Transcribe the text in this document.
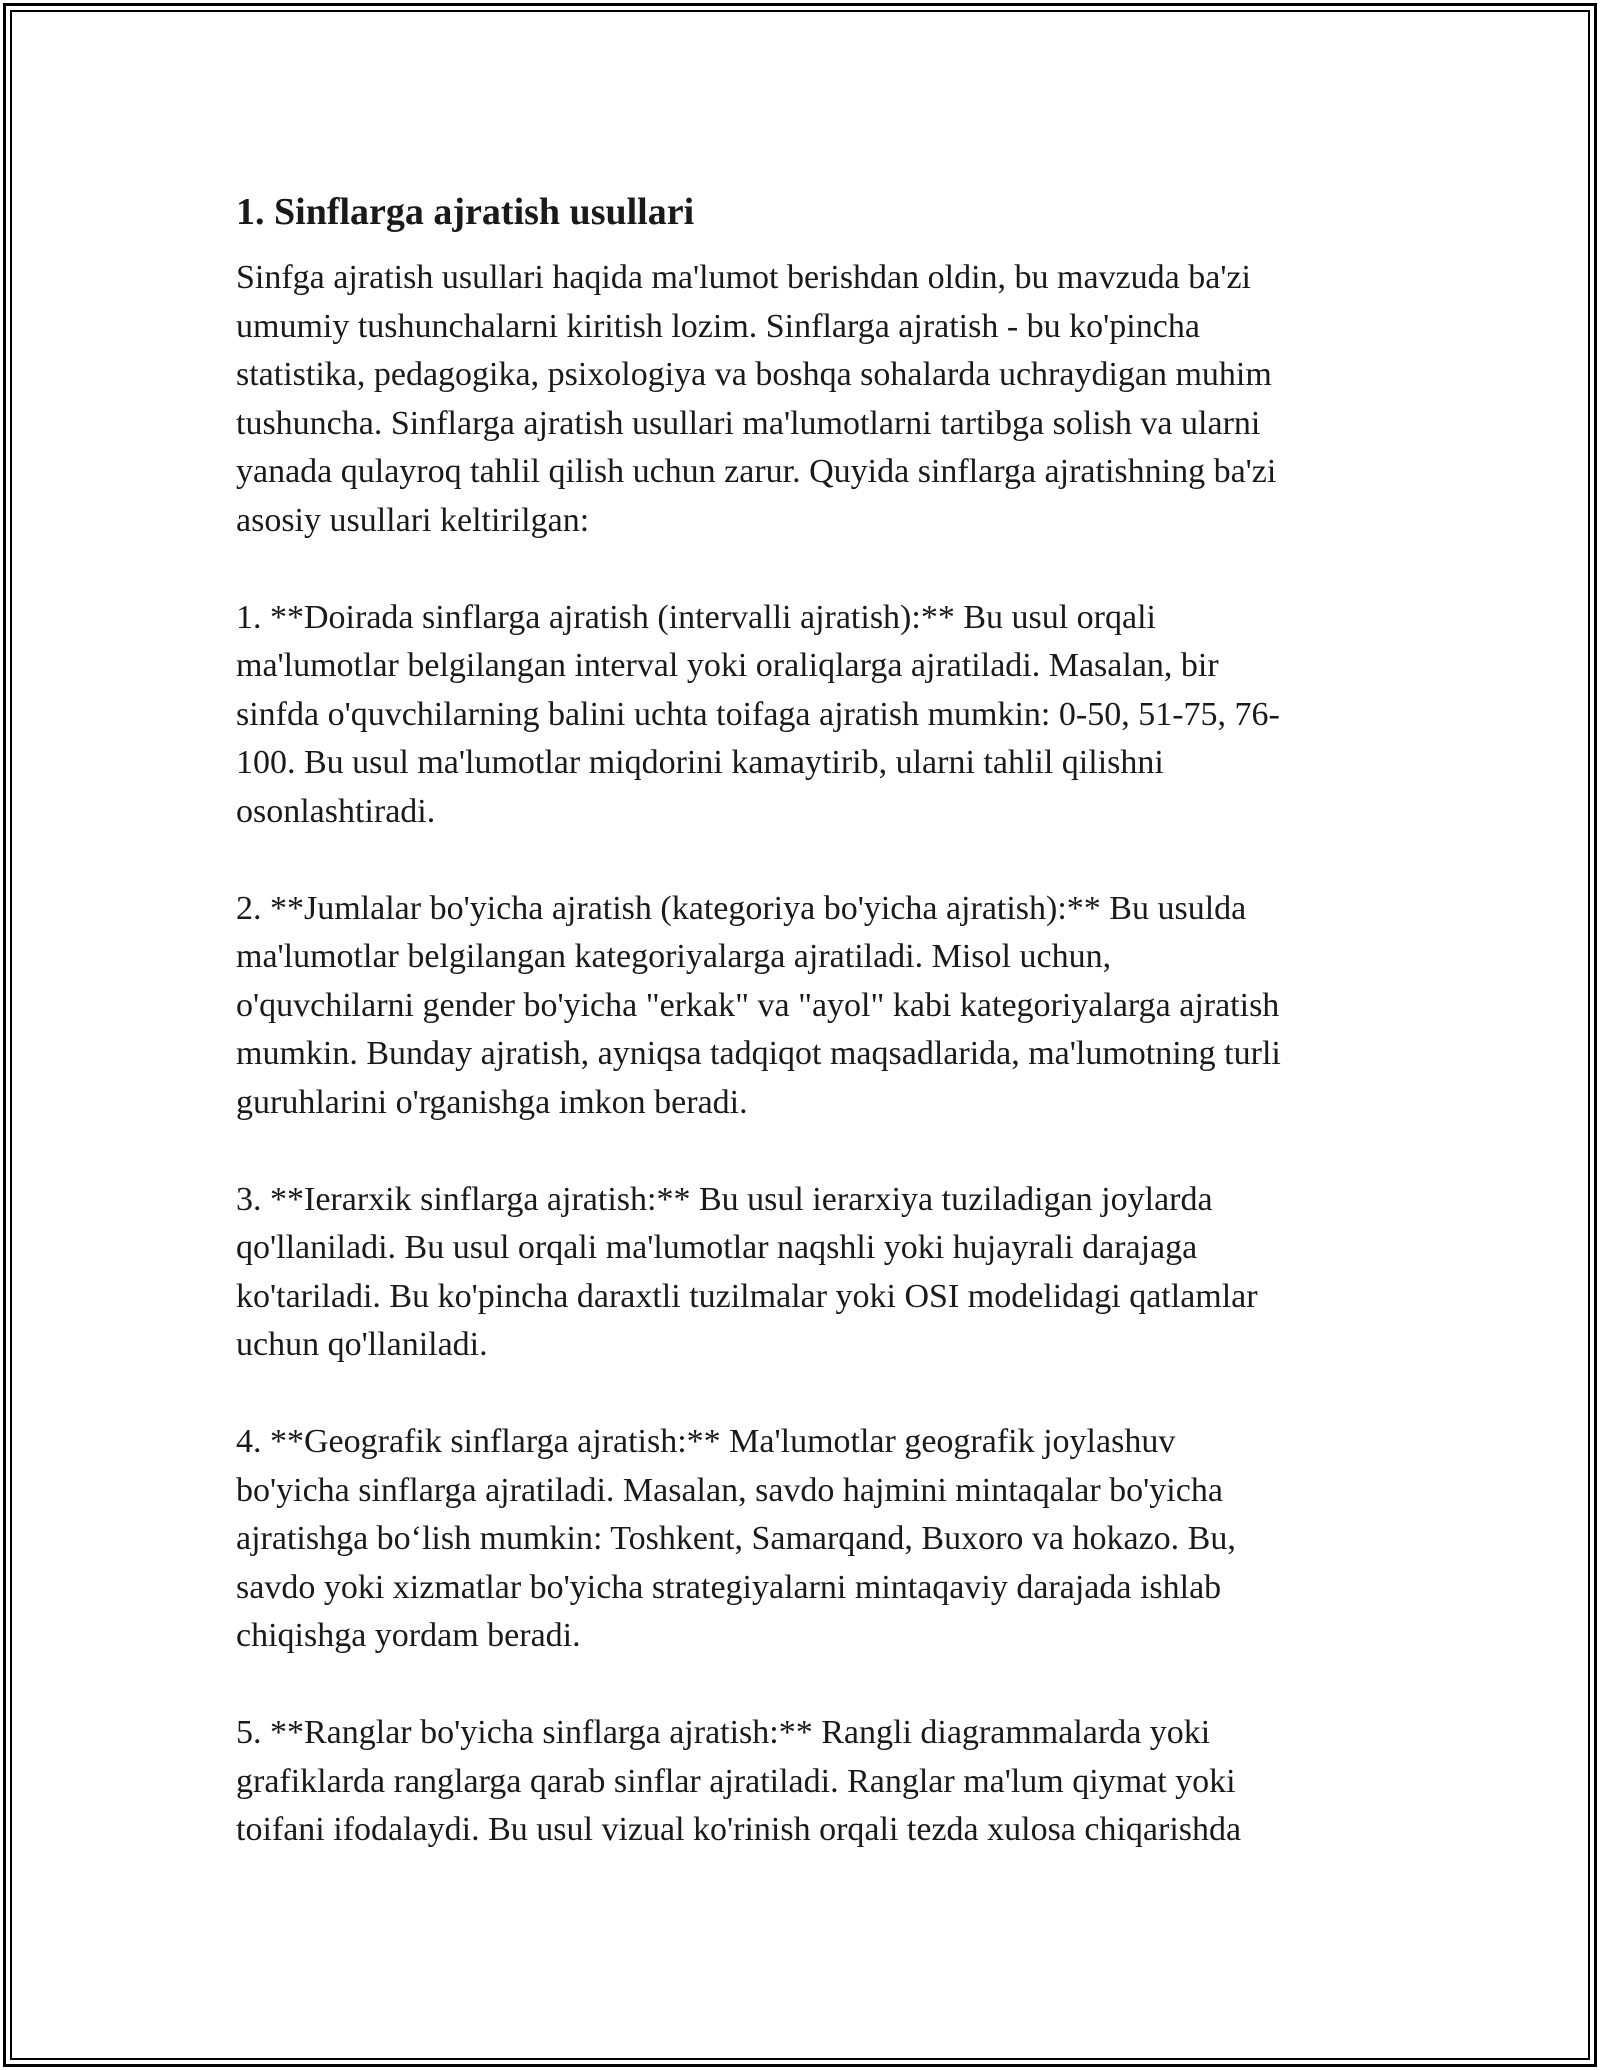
1. Sinflarga ajratish usullari

Sinfga ajratish usullari haqida ma'lumot berishdan oldin, bu mavzuda ba'zi
umumiy tushunchalarni kiritish lozim. Sinflarga ajratish - bu ko'pincha
statistika, pedagogika, psixologiya va boshqa sohalarda uchraydigan muhim
tushuncha. Sinflarga ajratish usullari ma'lumotlarni tartibga solish va ularni
yanada qulayroq tahlil qilish uchun zarur. Quyida sinflarga ajratishning ba'zi
asosiy usullari keltirilgan:

1. **Doirada sinflarga ajratish (intervalli ajratish):** Bu usul orqali
ma'lumotlar belgilangan interval yoki oraliqlarga ajratiladi. Masalan, bir
sinfda o'quvchilarning balini uchta toifaga ajratish mumkin: 0-50, 51-75, 76-
100. Bu usul ma'lumotlar miqdorini kamaytirib, ularni tahlil qilishni
osonlashtiradi.

2. **Jumlalar bo'yicha ajratish (kategoriya bo'yicha ajratish):** Bu usulda
ma'lumotlar belgilangan kategoriyalarga ajratiladi. Misol uchun,
o'quvchilarni gender bo'yicha "erkak" va "ayol" kabi kategoriyalarga ajratish
mumkin. Bunday ajratish, ayniqsa tadqiqot maqsadlarida, ma'lumotning turli
guruhlarini o'rganishga imkon beradi.

3. **Ierarxik sinflarga ajratish:** Bu usul ierarxiya tuziladigan joylarda
qo'llaniladi. Bu usul orqali ma'lumotlar naqshli yoki hujayrali darajaga
ko'tariladi. Bu ko'pincha daraxtli tuzilmalar yoki OSI modelidagi qatlamlar
uchun qo'llaniladi.

4. **Geografik sinflarga ajratish:** Ma'lumotlar geografik joylashuv
bo'yicha sinflarga ajratiladi. Masalan, savdo hajmini mintaqalar bo'yicha
ajratishga bo‘lish mumkin: Toshkent, Samarqand, Buxoro va hokazo. Bu,
savdo yoki xizmatlar bo'yicha strategiyalarni mintaqaviy darajada ishlab
chiqishga yordam beradi.

5. **Ranglar bo'yicha sinflarga ajratish:** Rangli diagrammalarda yoki
grafiklarda ranglarga qarab sinflar ajratiladi. Ranglar ma'lum qiymat yoki
toifani ifodalaydi. Bu usul vizual ko'rinish orqali tezda xulosa chiqarishda
